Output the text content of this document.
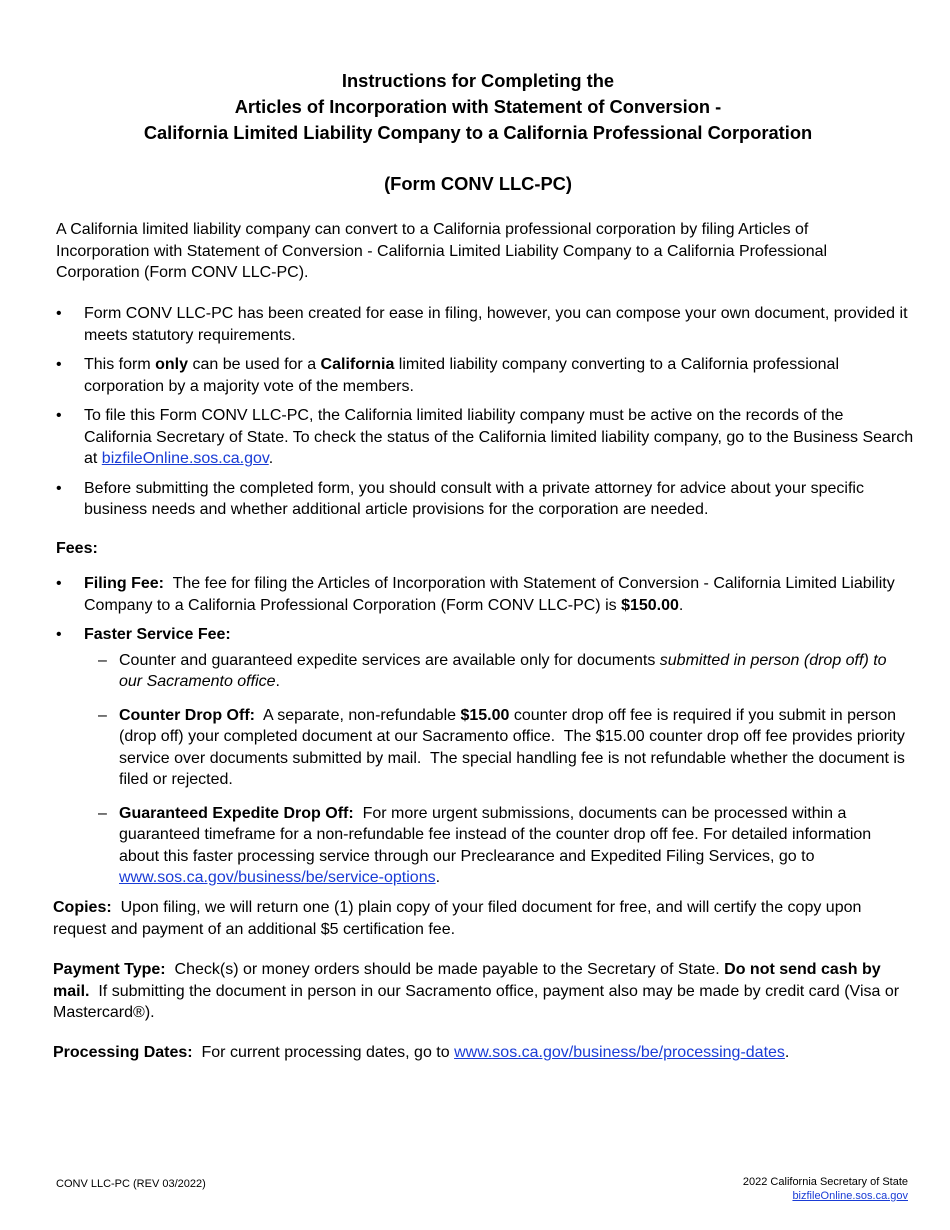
Instructions for Completing the
Articles of Incorporation with Statement of Conversion -
California Limited Liability Company to a California Professional Corporation
(Form CONV LLC-PC)

A California limited liability company can convert to a California professional corporation by filing Articles of Incorporation with Statement of Conversion - California Limited Liability Company to a California Professional Corporation (Form CONV LLC-PC).

•	Form CONV LLC-PC has been created for ease in filing, however, you can compose your own document, provided it meets statutory requirements.
•	This form only can be used for a California limited liability company converting to a California professional corporation by a majority vote of the members.
•	To file this Form CONV LLC-PC, the California limited liability company must be active on the records of the California Secretary of State. To check the status of the California limited liability company, go to the Business Search at bizfileOnline.sos.ca.gov.
•	Before submitting the completed form, you should consult with a private attorney for advice about your specific business needs and whether additional article provisions for the corporation are needed.
Fees:
•	Filing Fee:  The fee for filing the Articles of Incorporation with Statement of Conversion - California Limited Liability Company to a California Professional Corporation (Form CONV LLC-PC) is $150.00.
•	Faster Service Fee:
– Counter and guaranteed expedite services are available only for documents submitted in person (drop off) to our Sacramento office.
– Counter Drop Off:  A separate, non-refundable $15.00 counter drop off fee is required if you submit in person (drop off) your completed document at our Sacramento office.  The $15.00 counter drop off fee provides priority service over documents submitted by mail.  The special handling fee is not refundable whether the document is filed or rejected.
– Guaranteed Expedite Drop Off:  For more urgent submissions, documents can be processed within a guaranteed timeframe for a non-refundable fee instead of the counter drop off fee. For detailed information about this faster processing service through our Preclearance and Expedited Filing Services, go to www.sos.ca.gov/business/be/service-options.

Copies:  Upon filing, we will return one (1) plain copy of your filed document for free, and will certify the copy upon request and payment of an additional $5 certification fee.

Payment Type:  Check(s) or money orders should be made payable to the Secretary of State. Do not send cash by mail.  If submitting the document in person in our Sacramento office, payment also may be made by credit card (Visa or Mastercard®).

Processing Dates:  For current processing dates, go to www.sos.ca.gov/business/be/processing-dates.

CONV LLC-PC (REV 03/2022)	2022 California Secretary of State
bizfileOnline.sos.ca.gov
